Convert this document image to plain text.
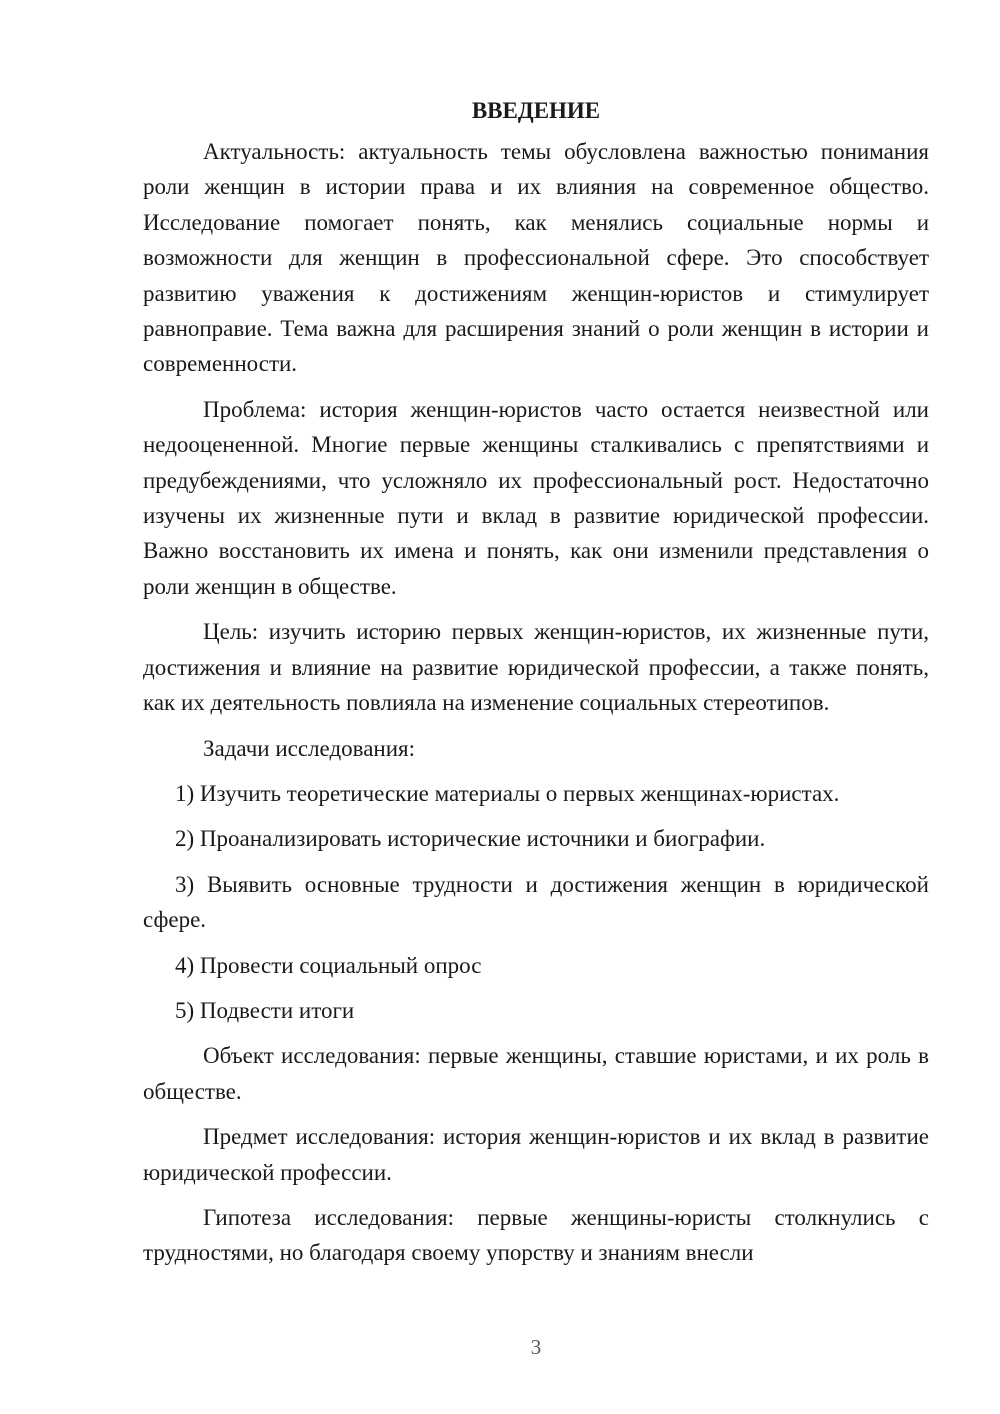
ВВЕДЕНИЕ

Актуальность: актуальность темы обусловлена важностью понимания роли женщин в истории права и их влияния на современное общество. Исследование помогает понять, как менялись социальные нормы и возможности для женщин в профессиональной сфере. Это способствует развитию уважения к достижениям женщин-юристов и стимулирует равноправие. Тема важна для расширения знаний о роли женщин в истории и современности.

Проблема: история женщин-юристов часто остается неизвестной или недооцененной. Многие первые женщины сталкивались с препятствиями и предубеждениями, что усложняло их профессиональный рост. Недостаточно изучены их жизненные пути и вклад в развитие юридической профессии. Важно восстановить их имена и понять, как они изменили представления о роли женщин в обществе.

Цель: изучить историю первых женщин-юристов, их жизненные пути, достижения и влияние на развитие юридической профессии, а также понять, как их деятельность повлияла на изменение социальных стереотипов.

Задачи исследования:

1) Изучить теоретические материалы о первых женщинах-юристах.

2) Проанализировать исторические источники и биографии.

3) Выявить основные трудности и достижения женщин в юридической сфере.

4) Провести социальный опрос

5) Подвести итоги

Объект исследования: первые женщины, ставшие юристами, и их роль в обществе.

Предмет исследования: история женщин-юристов и их вклад в развитие юридической профессии.

Гипотеза исследования: первые женщины-юристы столкнулись с трудностями, но благодаря своему упорству и знаниям внесли

3
